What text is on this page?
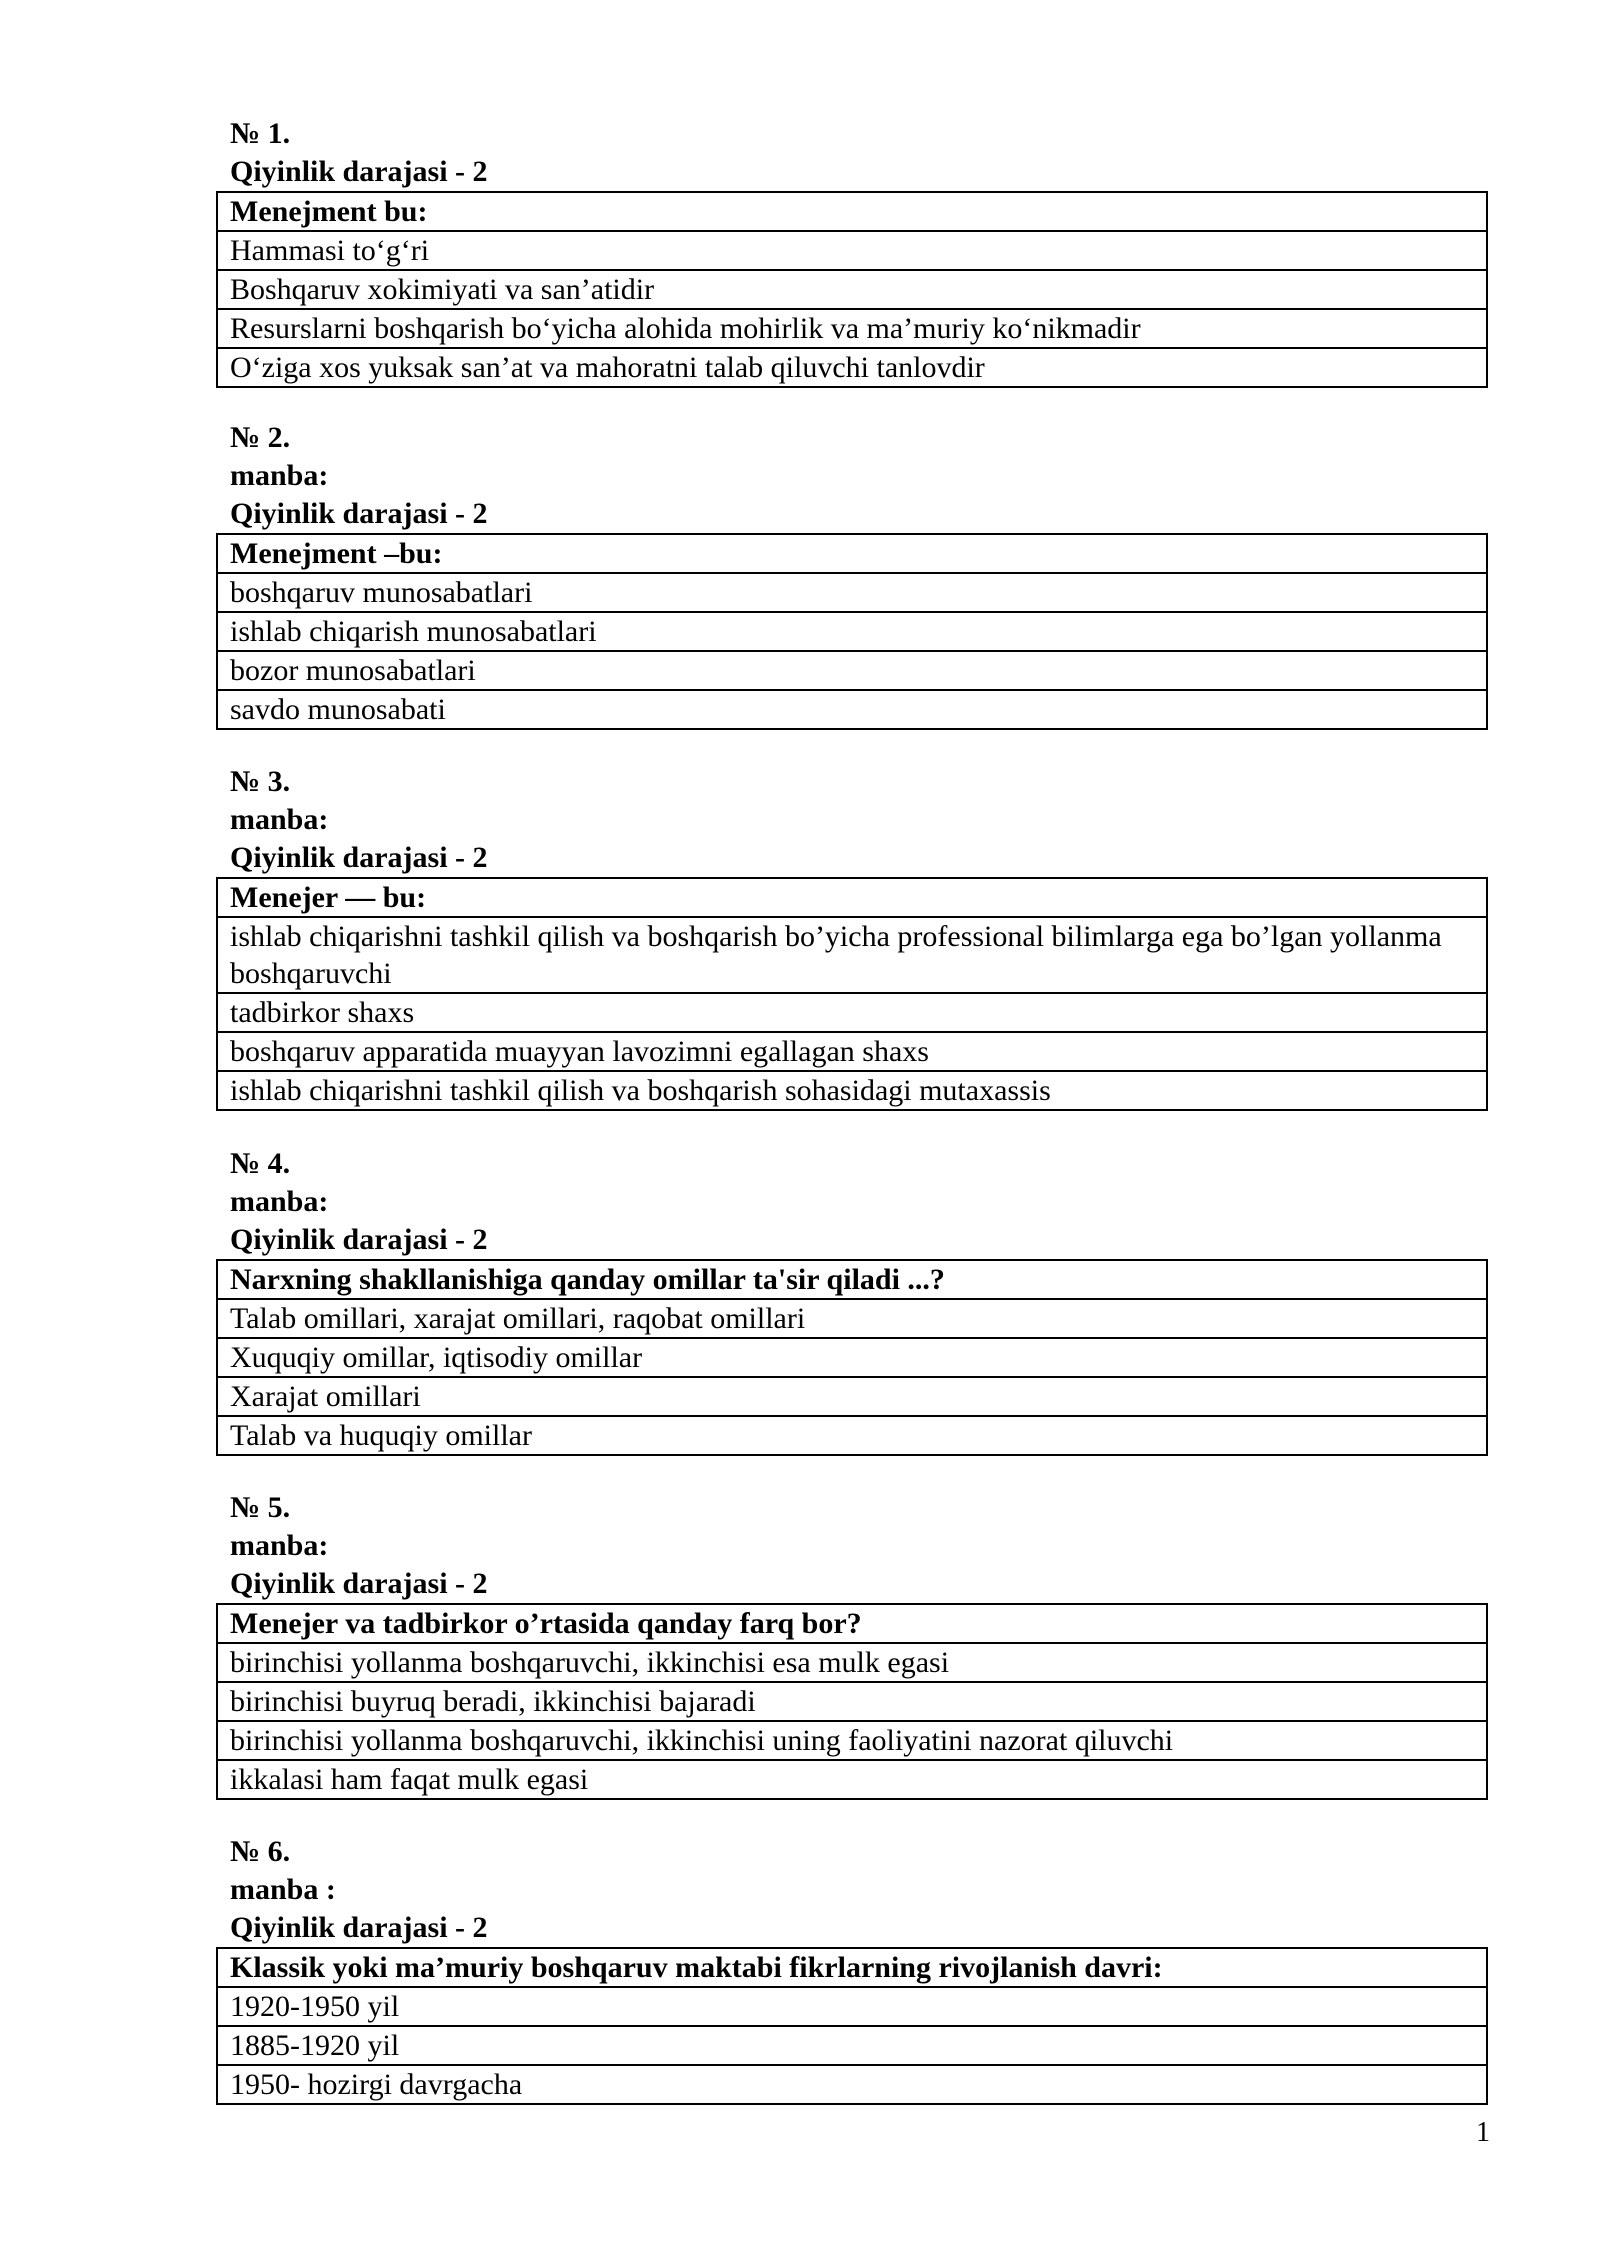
№ 1.
Qiyinlik darajasi - 2
Menejment bu:
Hammasi to‘g‘ri
Boshqaruv xokimiyati va san’atidir
Resurslarni boshqarish bo‘yicha alohida mohirlik va ma’muriy ko‘nikmadir
O‘ziga xos yuksak san’at va mahoratni talab qiluvchi tanlovdir
№ 2.
manba:
Qiyinlik darajasi - 2
Menejment –bu:
boshqaruv munosabatlari
ishlab chiqarish munosabatlari
bozor munosabatlari
savdo munosabati
№ 3.
manba:
Qiyinlik darajasi - 2
Menejer — bu:
ishlab chiqarishni tashkil qilish va boshqarish bo’yicha professional bilimlarga ega bo’lgan yollanma boshqaruvchi
tadbirkor shaxs
boshqaruv apparatida muayyan lavozimni egallagan shaxs
ishlab chiqarishni tashkil qilish va boshqarish sohasidagi mutaxassis
№ 4.
manba:
Qiyinlik darajasi - 2
Narxning shakllanishiga qanday omillar ta'sir qiladi ...?
Talab omillari, xarajat omillari, raqobat omillari
Xuquqiy omillar, iqtisodiy omillar
Xarajat omillari
Talab va huquqiy omillar
№ 5.
manba:
Qiyinlik darajasi - 2
Menejer va tadbirkor o’rtasida qanday farq bor?
birinchisi yollanma boshqaruvchi, ikkinchisi esa mulk egasi
birinchisi buyruq beradi, ikkinchisi bajaradi
birinchisi yollanma boshqaruvchi, ikkinchisi uning faoliyatini nazorat qiluvchi
ikkalasi ham faqat mulk egasi
№ 6.
manba :
Qiyinlik darajasi - 2
Klassik yoki ma’muriy boshqaruv maktabi fikrlarning rivojlanish davri:
1920-1950 yil
1885-1920 yil
1950- hozirgi davrgacha
1
